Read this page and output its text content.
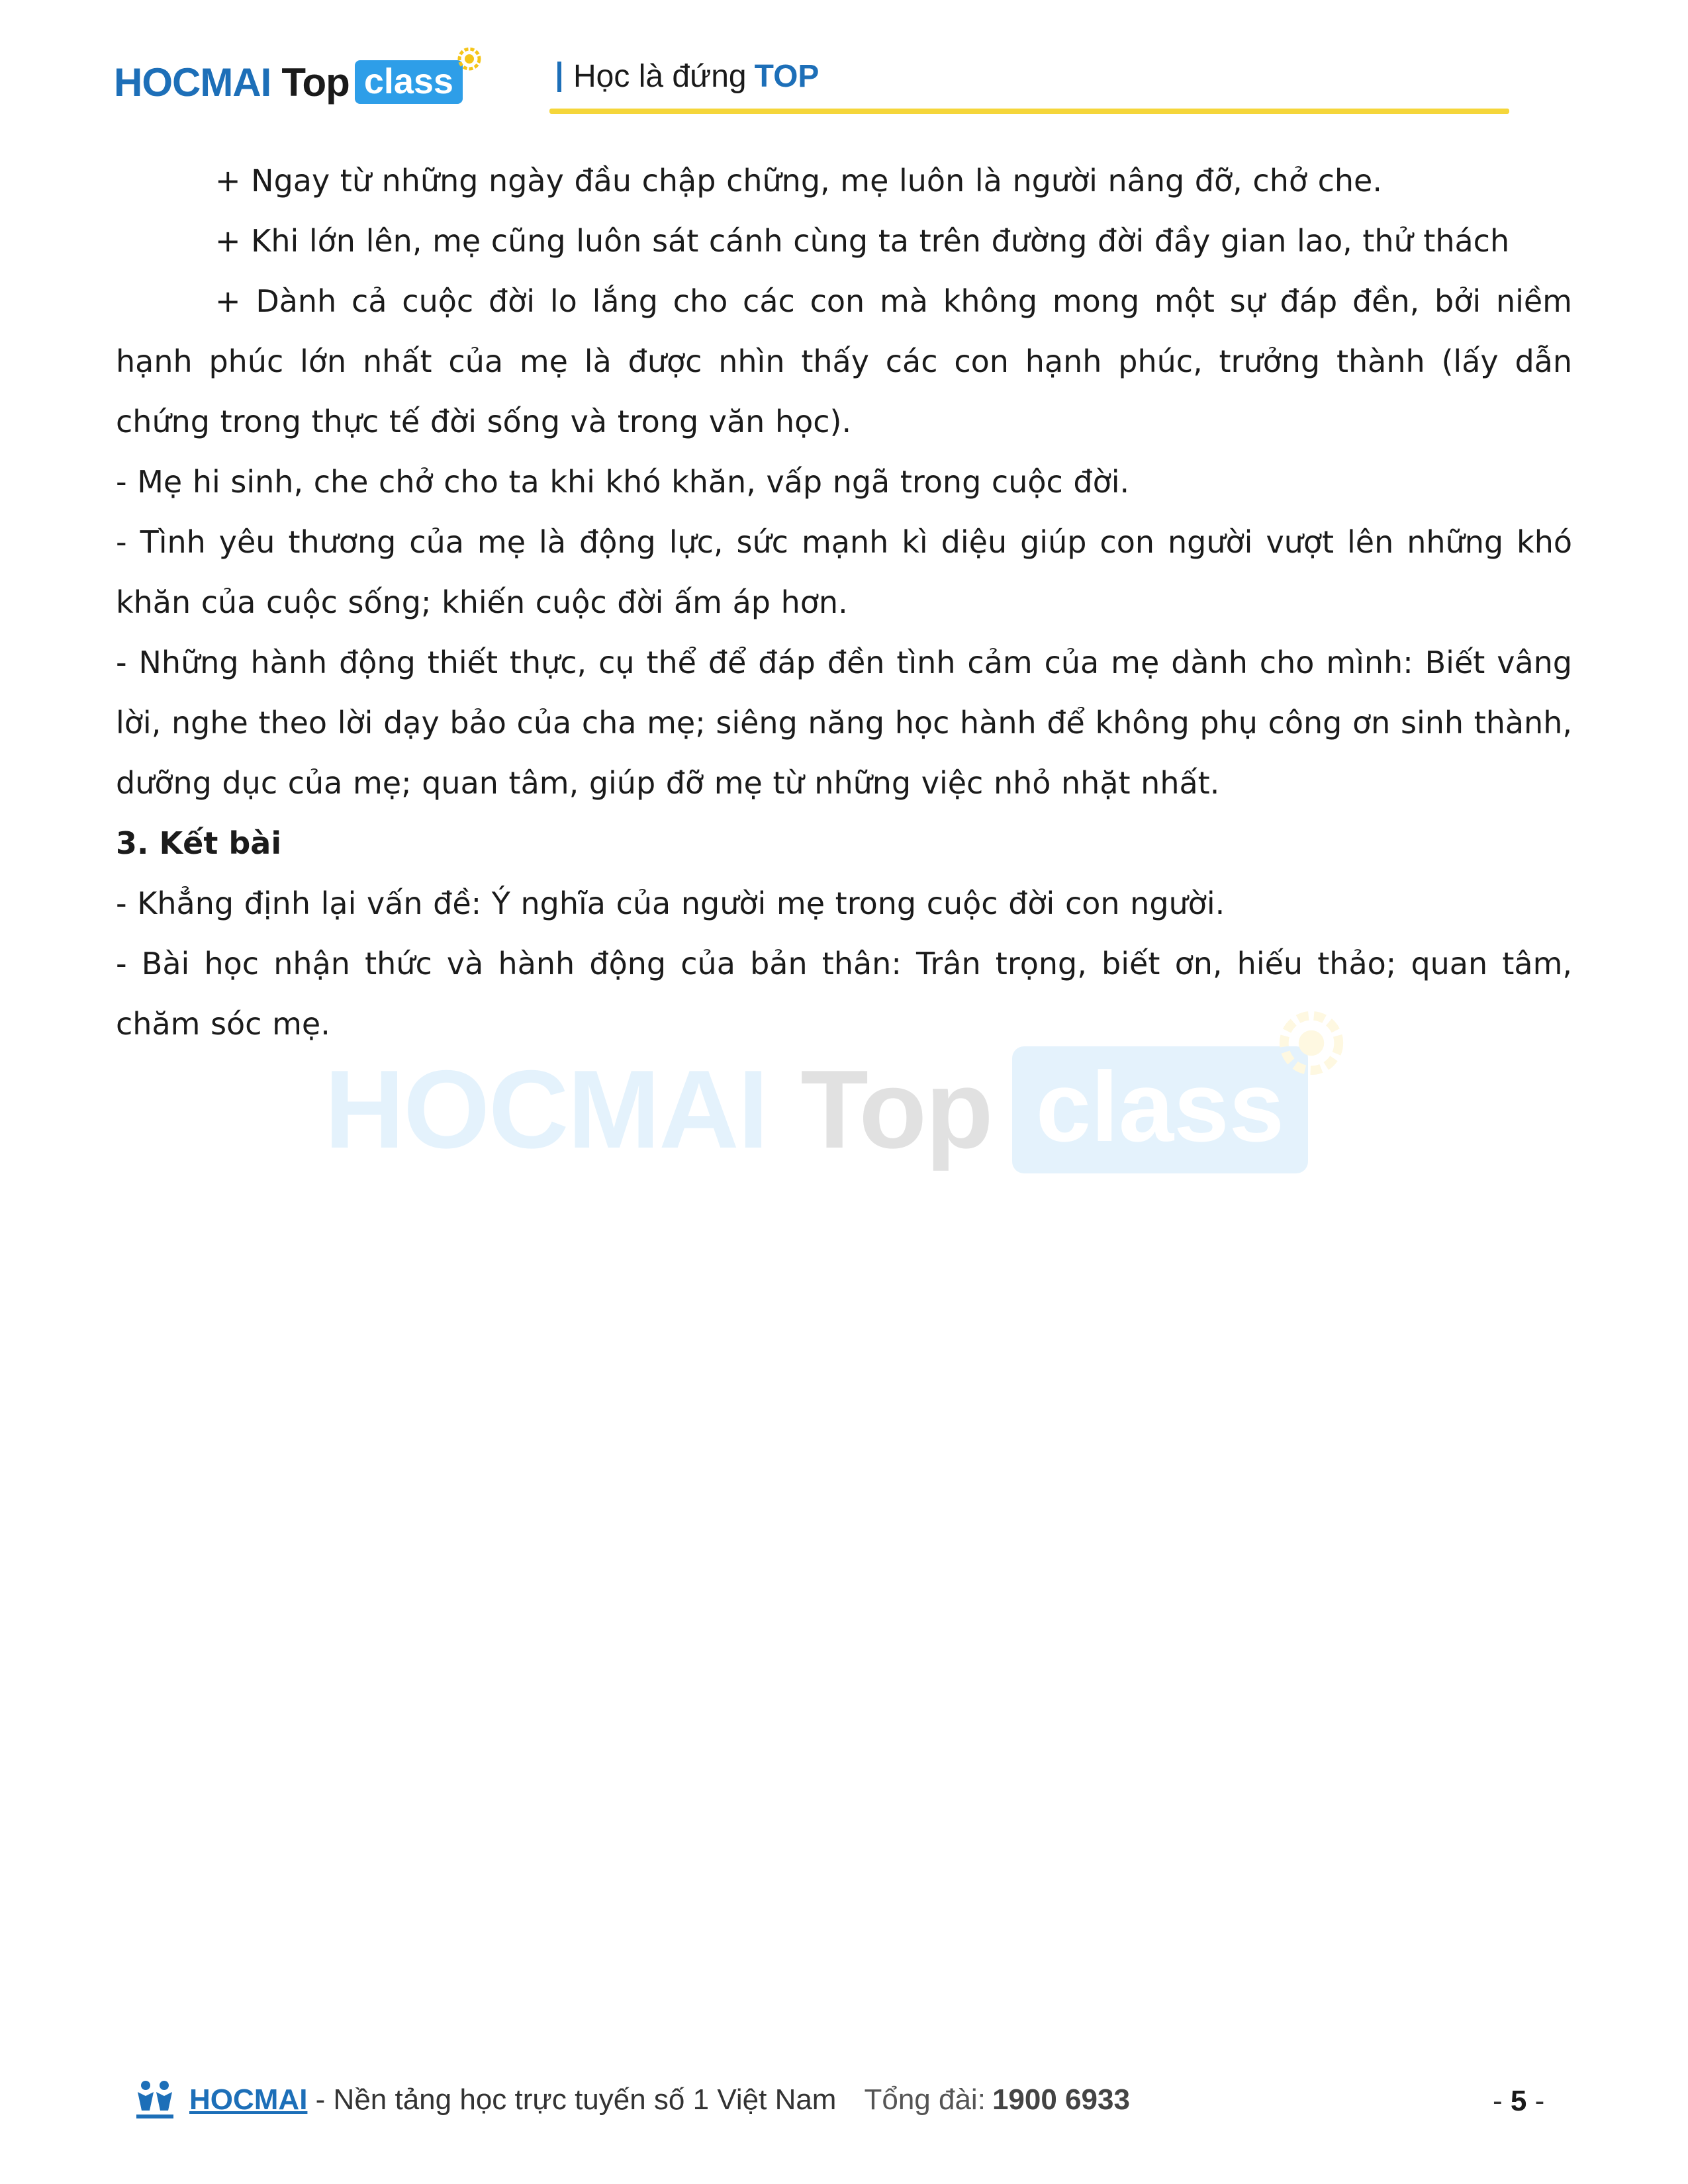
HOCMAI Top class	Học là đứng TOP
HOCMAI Top class

+ Ngay từ những ngày đầu chập chững, mẹ luôn là người nâng đỡ, chở che.

+ Khi lớn lên, mẹ cũng luôn sát cánh cùng ta trên đường đời đầy gian lao, thử thách

+ Dành cả cuộc đời lo lắng cho các con mà không mong một sự đáp đền, bởi niềm hạnh phúc lớn nhất của mẹ là được nhìn thấy các con hạnh phúc, trưởng thành (lấy dẫn chứng trong thực tế đời sống và trong văn học).

- Mẹ hi sinh, che chở cho ta khi khó khăn, vấp ngã trong cuộc đời.

- Tình yêu thương của mẹ là động lực, sức mạnh kì diệu giúp con người vượt lên những khó khăn của cuộc sống; khiến cuộc đời ấm áp hơn.

- Những hành động thiết thực, cụ thể để đáp đền tình cảm của mẹ dành cho mình: Biết vâng lời, nghe theo lời dạy bảo của cha mẹ; siêng năng học hành để không phụ công ơn sinh thành, dưỡng dục của mẹ; quan tâm, giúp đỡ mẹ từ những việc nhỏ nhặt nhất.

3. Kết bài

- Khẳng định lại vấn đề: Ý nghĩa của người mẹ trong cuộc đời con người.

- Bài học nhận thức và hành động của bản thân: Trân trọng, biết ơn, hiếu thảo; quan tâm, chăm sóc mẹ.

HOCMAI - Nền tảng học trực tuyến số 1 Việt Nam Tổng đài: 1900 6933	- 5 -
